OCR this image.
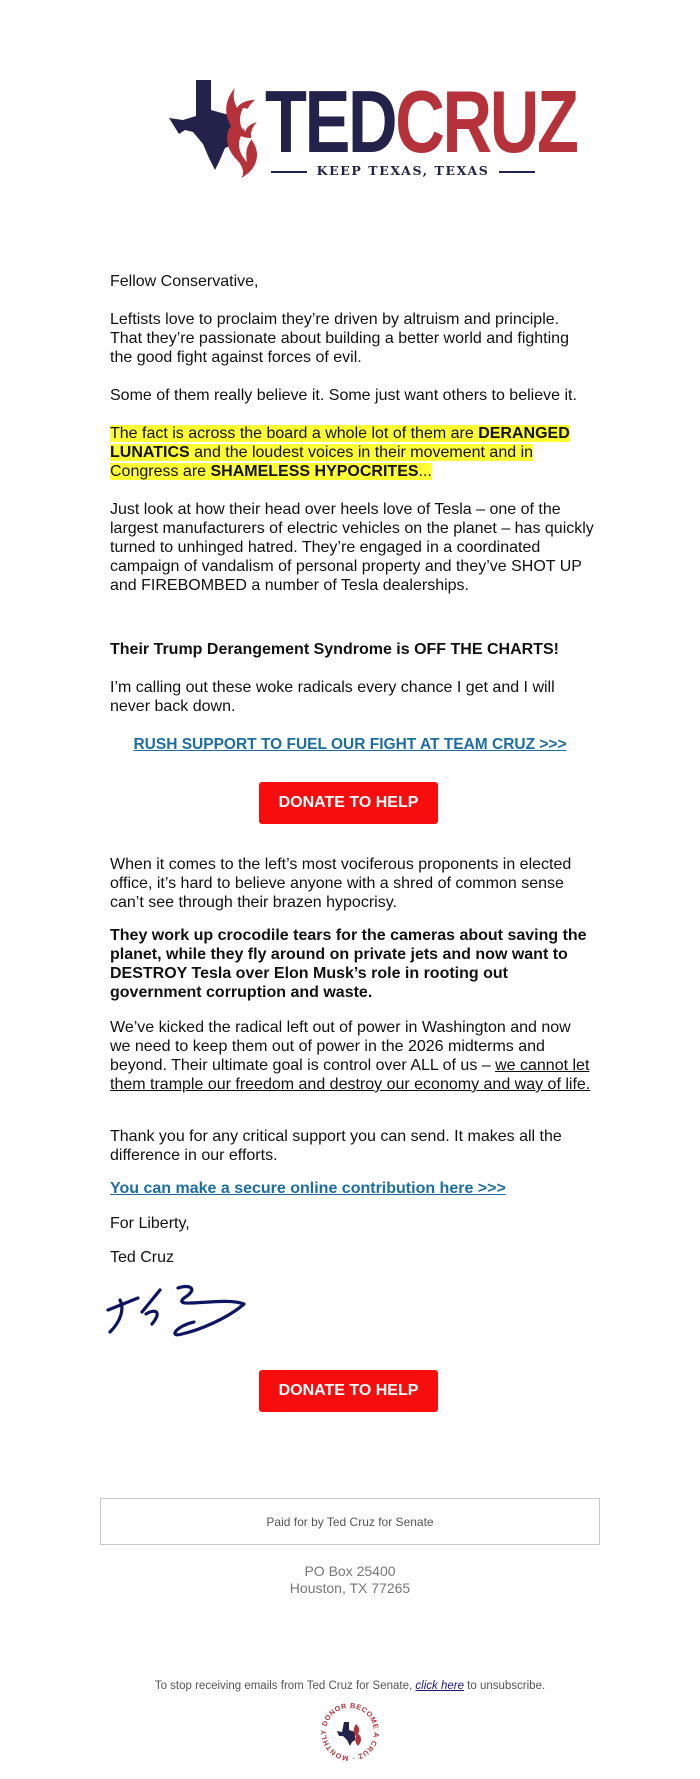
TEDCRUZ
KEEP TEXAS, TEXAS
Fellow Conservative,
Leftists love to proclaim they’re driven by altruism and principle. That they’re passionate about building a better world and fighting the good fight against forces of evil.
Some of them really believe it. Some just want others to believe it.
The fact is across the board a whole lot of them are DERANGED LUNATICS and the loudest voices in their movement and in Congress are SHAMELESS HYPOCRITES...
Just look at how their head over heels love of Tesla – one of the largest manufacturers of electric vehicles on the planet – has quickly turned to unhinged hatred. They’re engaged in a coordinated campaign of vandalism of personal property and they’ve SHOT UP and FIREBOMBED a number of Tesla dealerships.
Their Trump Derangement Syndrome is OFF THE CHARTS!
I’m calling out these woke radicals every chance I get and I will never back down.
RUSH SUPPORT TO FUEL OUR FIGHT AT TEAM CRUZ >>>
DONATE TO HELP
When it comes to the left’s most vociferous proponents in elected office, it’s hard to believe anyone with a shred of common sense can’t see through their brazen hypocrisy.
They work up crocodile tears for the cameras about saving the planet, while they fly around on private jets and now want to DESTROY Tesla over Elon Musk’s role in rooting out government corruption and waste.
We’ve kicked the radical left out of power in Washington and now we need to keep them out of power in the 2026 midterms and beyond. Their ultimate goal is control over ALL of us – we cannot let them trample our freedom and destroy our economy and way of life.
Thank you for any critical support you can send. It makes all the difference in our efforts.
You can make a secure online contribution here >>>
For Liberty,
Ted Cruz
DONATE TO HELP
Paid for by Ted Cruz for Senate
PO Box 25400
Houston, TX 77265
To stop receiving emails from Ted Cruz for Senate, click here to unsubscribe.
BECOME A CRUZ · MONTHLY DONOR
